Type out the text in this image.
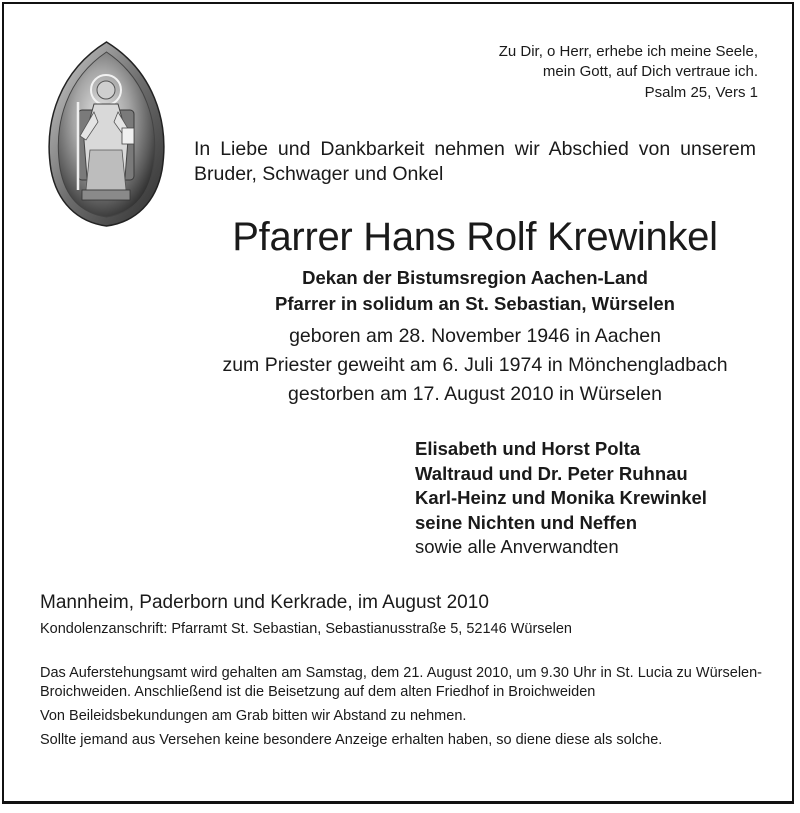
Zu Dir, o Herr, erhebe ich meine Seele,
mein Gott, auf Dich vertraue ich.
Psalm 25, Vers 1
In Liebe und Dankbarkeit nehmen wir Abschied von unserem Bruder, Schwager und Onkel
Pfarrer Hans Rolf Krewinkel
Dekan der Bistumsregion Aachen-Land
Pfarrer in solidum an St. Sebastian, Würselen
geboren am 28. November 1946 in Aachen
zum Priester geweiht am 6. Juli 1974 in Mönchengladbach
gestorben am 17. August 2010 in Würselen
Elisabeth und Horst Polta
Waltraud und Dr. Peter Ruhnau
Karl-Heinz und Monika Krewinkel
seine Nichten und Neffen
sowie alle Anverwandten
Mannheim, Paderborn und Kerkrade, im August 2010
Kondolenzanschrift: Pfarramt St. Sebastian, Sebastianusstraße 5, 52146 Würselen

Das Auferstehungsamt wird gehalten am Samstag, dem 21. August 2010, um 9.30 Uhr in St. Lucia zu Würselen-Broichweiden. Anschließend ist die Beisetzung auf dem alten Friedhof in Broichweiden

Von Beileidsbekundungen am Grab bitten wir Abstand zu nehmen.

Sollte jemand aus Versehen keine besondere Anzeige erhalten haben, so diene diese als solche.
